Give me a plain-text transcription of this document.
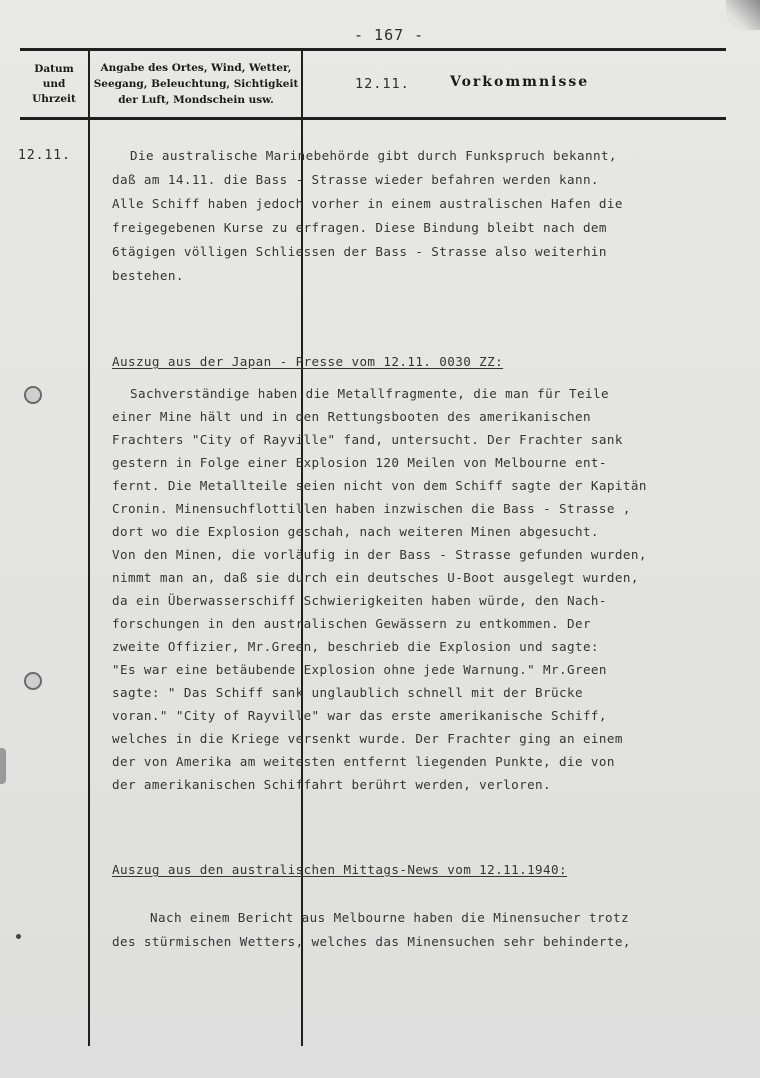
- 167 -
Datum
und
Uhrzeit
Angabe des Ortes, Wind, Wetter,
Seegang, Beleuchtung, Sichtigkeit
der Luft, Mondschein usw.
12.11.	Vorkommnisse
12.11.	Die australische Marinebehörde gibt durch Funkspruch bekannt,
daß am 14.11. die Bass - Strasse wieder befahren werden kann.
Alle Schiff haben jedoch vorher in einem australischen Hafen die
freigegebenen Kurse zu erfragen. Diese Bindung bleibt nach dem
6tägigen völligen Schliessen der Bass - Strasse also weiterhin
bestehen.
Auszug aus der Japan - Presse vom 12.11. 0030 ZZ:
Sachverständige haben die Metallfragmente, die man für Teile
einer Mine hält und in den Rettungsbooten des amerikanischen
Frachters "City of Rayville" fand, untersucht. Der Frachter sank
gestern in Folge einer Explosion 120 Meilen von Melbourne ent-
fernt. Die Metallteile seien nicht von dem Schiff sagte der Kapitän
Cronin. Minensuchflottillen haben inzwischen die Bass - Strasse ,
dort wo die Explosion geschah, nach weiteren Minen abgesucht.
Von den Minen, die vorläufig in der Bass - Strasse gefunden wurden,
nimmt man an, daß sie durch ein deutsches U-Boot ausgelegt wurden,
da ein Überwasserschiff Schwierigkeiten haben würde, den Nach-
forschungen in den australischen Gewässern zu entkommen. Der
zweite Offizier, Mr.Green, beschrieb die Explosion und sagte:
"Es war eine betäubende Explosion ohne jede Warnung." Mr.Green
sagte: " Das Schiff sank unglaublich schnell mit der Brücke
voran." "City of Rayville" war das erste amerikanische Schiff,
welches in die Kriege versenkt wurde. Der Frachter ging an einem
der von Amerika am weitesten entfernt liegenden Punkte, die von
der amerikanischen Schiffahrt berührt werden, verloren.
Auszug aus den australischen Mittags-News vom 12.11.1940:
Nach einem Bericht aus Melbourne haben die Minensucher trotz
des stürmischen Wetters, welches das Minensuchen sehr behinderte,
